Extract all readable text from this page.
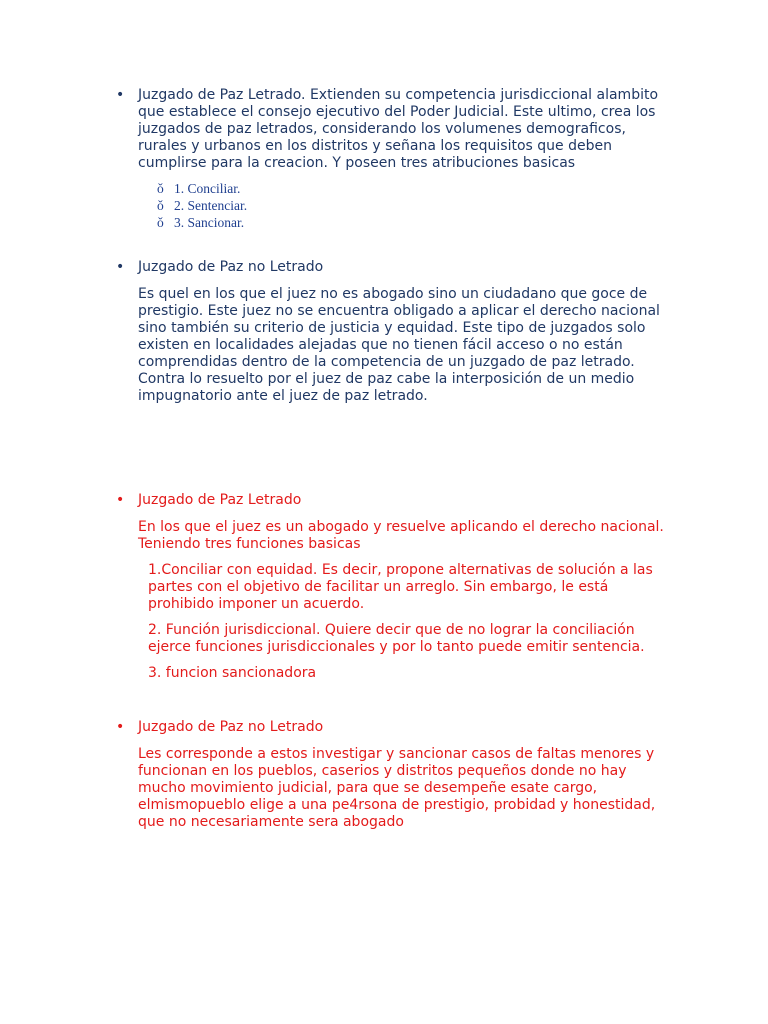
• Juzgado de Paz Letrado. Extienden su competencia jurisdiccional alambito
que establece el consejo ejecutivo del Poder Judicial. Este ultimo, crea los
juzgados de paz letrados, considerando los volumenes demograficos,
rurales y urbanos en los distritos y señana los requisitos que deben
cumplirse para la creacion. Y poseen tres atribuciones basicas

ǒ 1. Conciliar.
ǒ 2. Sentenciar.
ǒ 3. Sancionar.
• Juzgado de Paz no Letrado

Es quel en los que el juez no es abogado sino un ciudadano que goce de
prestigio. Este juez no se encuentra obligado a aplicar el derecho nacional
sino también su criterio de justicia y equidad. Este tipo de juzgados solo
existen en localidades alejadas que no tienen fácil acceso o no están
comprendidas dentro de la competencia de un juzgado de paz letrado.
Contra lo resuelto por el juez de paz cabe la interposición de un medio
impugnatorio ante el juez de paz letrado.

• Juzgado de Paz Letrado

En los que el juez es un abogado y resuelve aplicando el derecho nacional.
Teniendo tres funciones basicas

1.Conciliar con equidad. Es decir, propone alternativas de solución a las
partes con el objetivo de facilitar un arreglo. Sin embargo, le está
prohibido imponer un acuerdo.

2. Función jurisdiccional. Quiere decir que de no lograr la conciliación
ejerce funciones jurisdiccionales y por lo tanto puede emitir sentencia.

3. funcion sancionadora

• Juzgado de Paz no Letrado

Les corresponde a estos investigar y sancionar casos de faltas menores y
funcionan en los pueblos, caserios y distritos pequeños donde no hay
mucho movimiento judicial, para que se desempeñe esate cargo,
elmismopueblo elige a una pe4rsona de prestigio, probidad y honestidad,
que no necesariamente sera abogado
